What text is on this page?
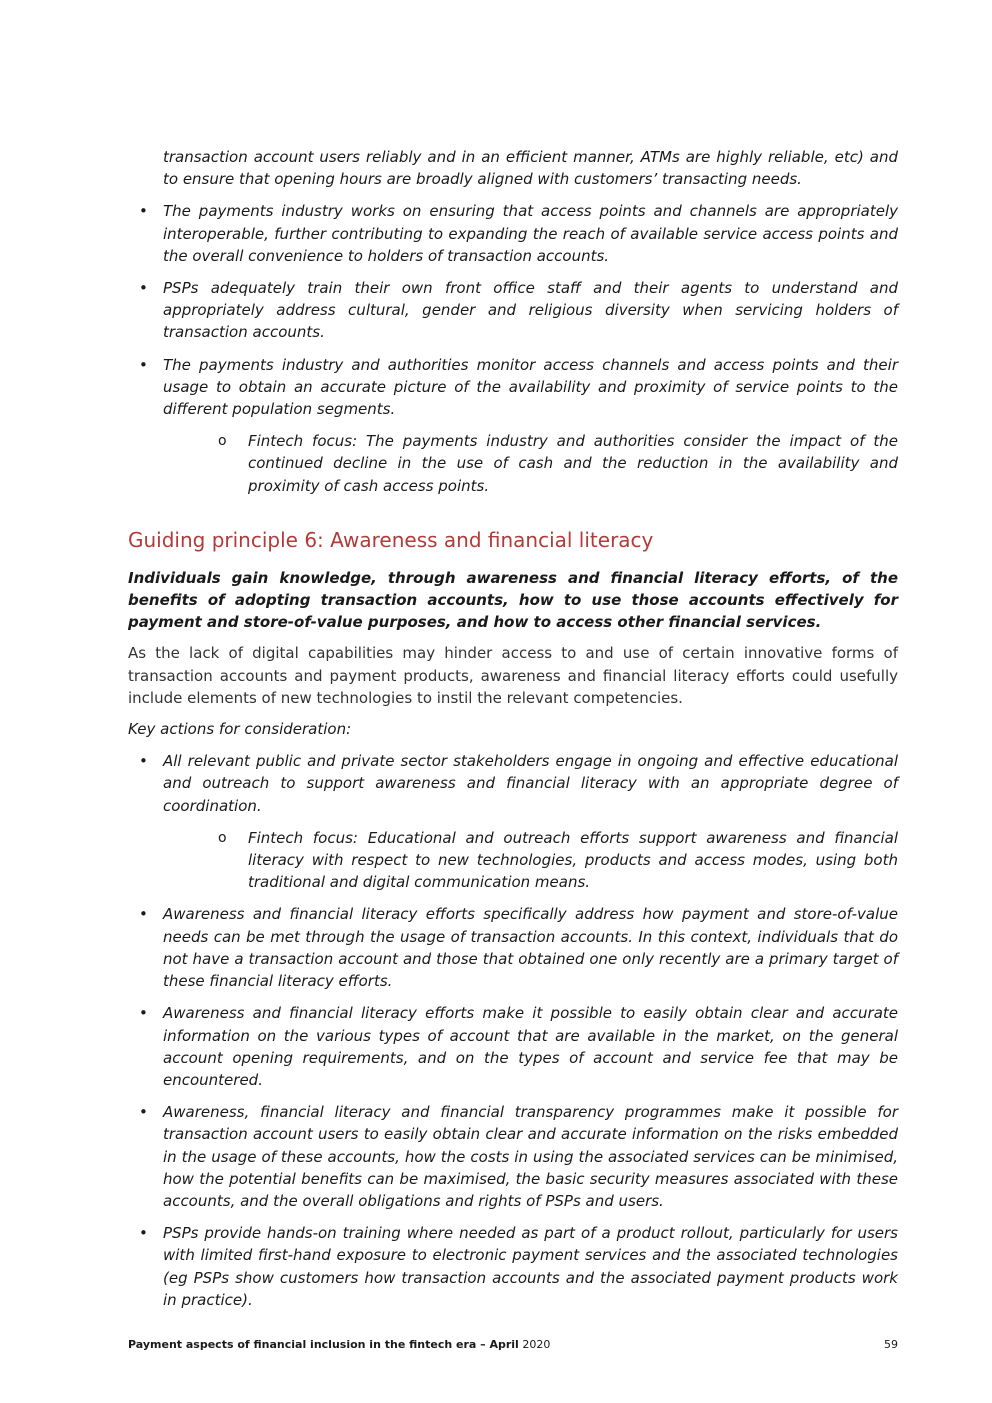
transaction account users reliably and in an efficient manner, ATMs are highly reliable, etc) and to ensure that opening hours are broadly aligned with customers’ transacting needs.

• The payments industry works on ensuring that access points and channels are appropriately interoperable, further contributing to expanding the reach of available service access points and the overall convenience to holders of transaction accounts.
• PSPs adequately train their own front office staff and their agents to understand and appropriately address cultural, gender and religious diversity when servicing holders of transaction accounts.
• The payments industry and authorities monitor access channels and access points and their usage to obtain an accurate picture of the availability and proximity of service points to the different population segments.
o Fintech focus: The payments industry and authorities consider the impact of the continued decline in the use of cash and the reduction in the availability and proximity of cash access points.
Guiding principle 6: Awareness and financial literacy

Individuals gain knowledge, through awareness and financial literacy efforts, of the benefits of adopting transaction accounts, how to use those accounts effectively for payment and store-of-value purposes, and how to access other financial services.

As the lack of digital capabilities may hinder access to and use of certain innovative forms of transaction accounts and payment products, awareness and financial literacy efforts could usefully include elements of new technologies to instil the relevant competencies.

Key actions for consideration:

• All relevant public and private sector stakeholders engage in ongoing and effective educational and outreach to support awareness and financial literacy with an appropriate degree of coordination.
o Fintech focus: Educational and outreach efforts support awareness and financial literacy with respect to new technologies, products and access modes, using both traditional and digital communication means.
• Awareness and financial literacy efforts specifically address how payment and store-of-value needs can be met through the usage of transaction accounts. In this context, individuals that do not have a transaction account and those that obtained one only recently are a primary target of these financial literacy efforts.
• Awareness and financial literacy efforts make it possible to easily obtain clear and accurate information on the various types of account that are available in the market, on the general account opening requirements, and on the types of account and service fee that may be encountered.
• Awareness, financial literacy and financial transparency programmes make it possible for transaction account users to easily obtain clear and accurate information on the risks embedded in the usage of these accounts, how the costs in using the associated services can be minimised, how the potential benefits can be maximised, the basic security measures associated with these accounts, and the overall obligations and rights of PSPs and users.
• PSPs provide hands-on training where needed as part of a product rollout, particularly for users with limited first-hand exposure to electronic payment services and the associated technologies (eg PSPs show customers how transaction accounts and the associated payment products work in practice).
Payment aspects of financial inclusion in the fintech era – April 2020	59
